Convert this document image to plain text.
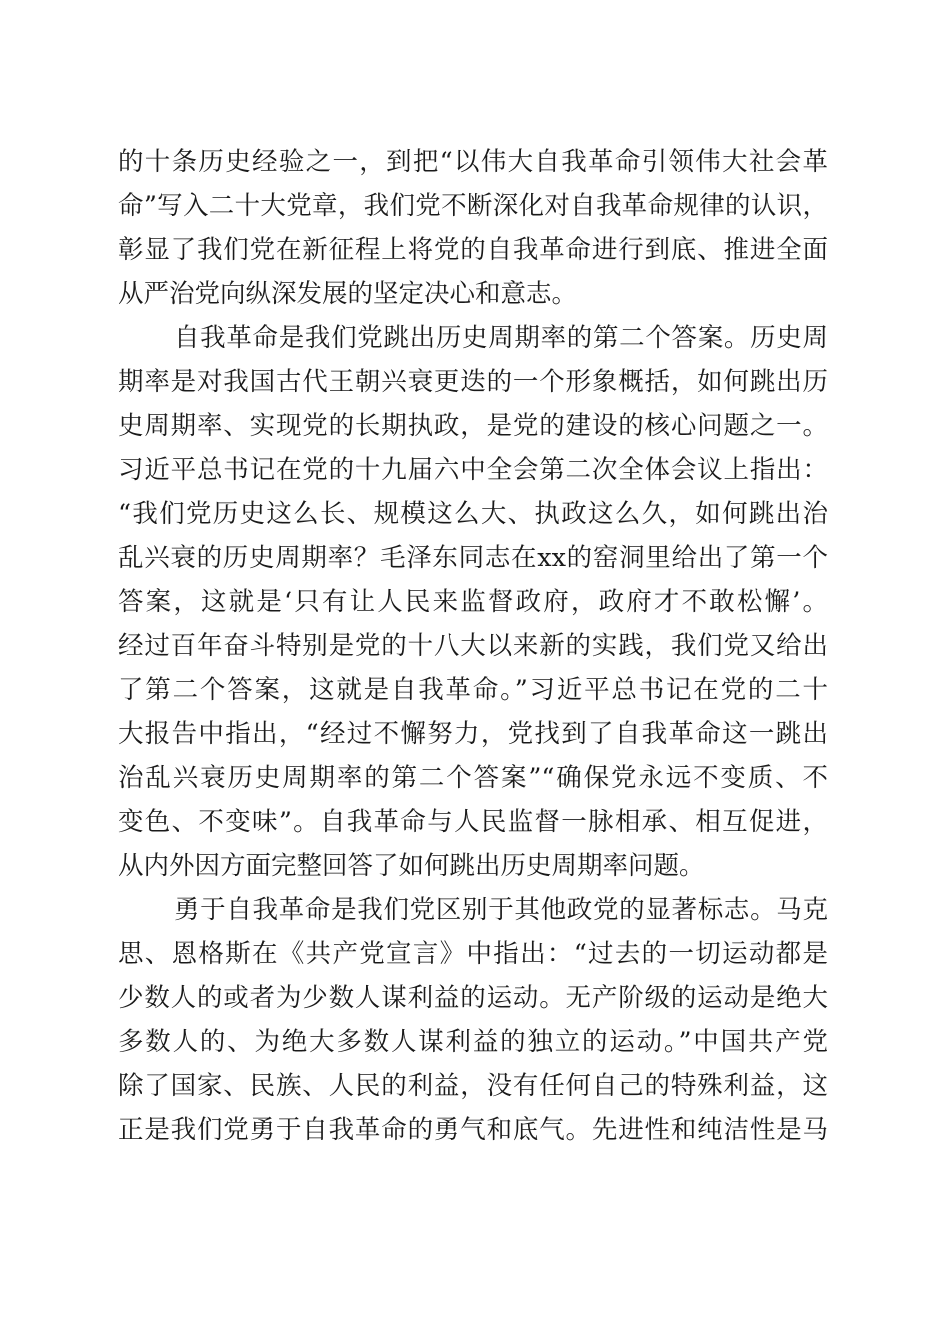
的十条历史经验之一，到把“以伟大自我革命引领伟大社会革
命”写入二十大党章，我们党不断深化对自我革命规律的认识，
彰显了我们党在新征程上将党的自我革命进行到底、推进全面
从严治党向纵深发展的坚定决心和意志。
自我革命是我们党跳出历史周期率的第二个答案。历史周
期率是对我国古代王朝兴衰更迭的一个形象概括，如何跳出历
史周期率、实现党的长期执政，是党的建设的核心问题之一。
习近平总书记在党的十九届六中全会第二次全体会议上指出：
“我们党历史这么长、规模这么大、执政这么久，如何跳出治
乱兴衰的历史周期率？毛泽东同志在xx的窑洞里给出了第一个
答案，这就是‘只有让人民来监督政府，政府才不敢松懈’。
经过百年奋斗特别是党的十八大以来新的实践，我们党又给出
了第二个答案，这就是自我革命。”习近平总书记在党的二十
大报告中指出，“经过不懈努力，党找到了自我革命这一跳出
治乱兴衰历史周期率的第二个答案”“确保党永远不变质、不
变色、不变味”。自我革命与人民监督一脉相承、相互促进，
从内外因方面完整回答了如何跳出历史周期率问题。
勇于自我革命是我们党区别于其他政党的显著标志。马克
思、恩格斯在《共产党宣言》中指出：“过去的一切运动都是
少数人的或者为少数人谋利益的运动。无产阶级的运动是绝大
多数人的、为绝大多数人谋利益的独立的运动。”中国共产党
除了国家、民族、人民的利益，没有任何自己的特殊利益，这
正是我们党勇于自我革命的勇气和底气。先进性和纯洁性是马
